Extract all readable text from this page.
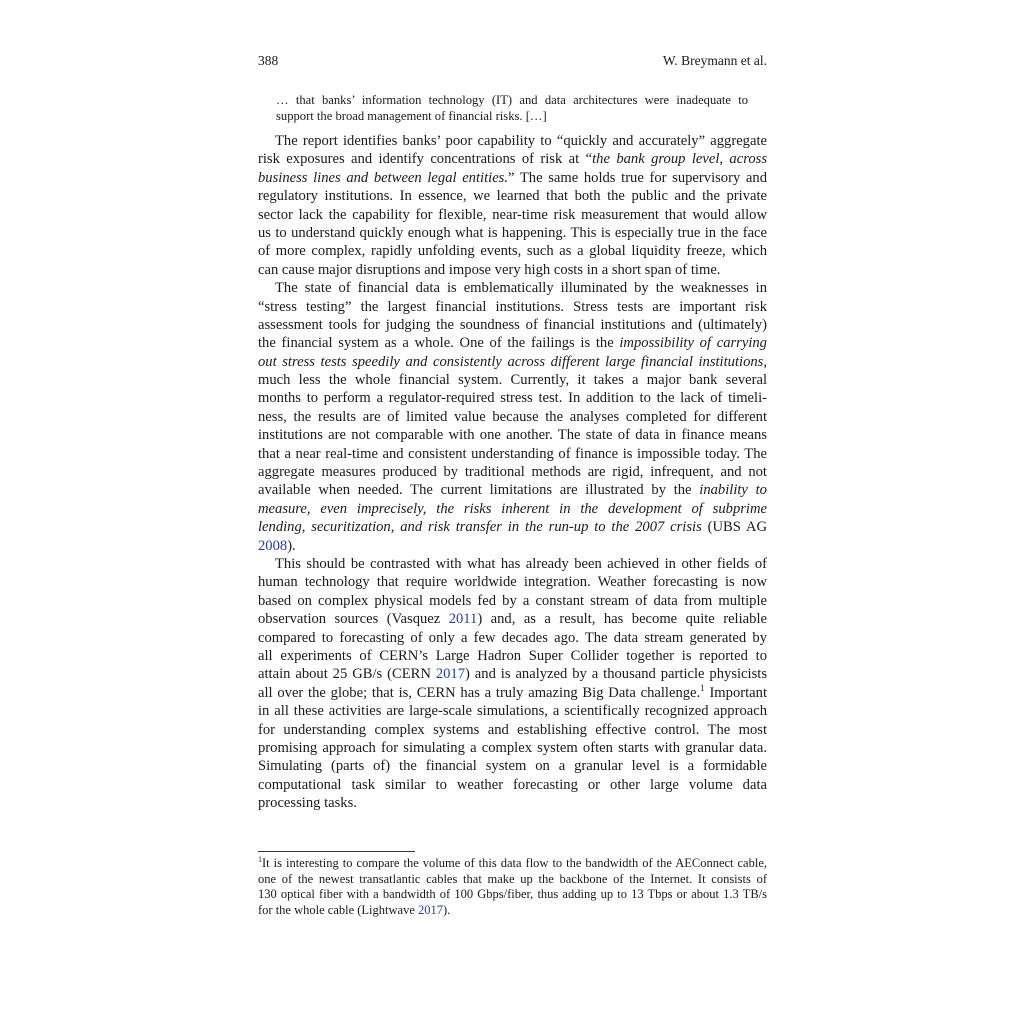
388	W. Breymann et al.
… that banks’ information technology (IT) and data architectures were inadequate to
support the broad management of financial risks. […]
The report identifies banks’ poor capability to “quickly and accurately” aggregate
risk exposures and identify concentrations of risk at “the bank group level, across
business lines and between legal entities.” The same holds true for supervisory and
regulatory institutions. In essence, we learned that both the public and the private
sector lack the capability for flexible, near-time risk measurement that would allow
us to understand quickly enough what is happening. This is especially true in the face
of more complex, rapidly unfolding events, such as a global liquidity freeze, which
can cause major disruptions and impose very high costs in a short span of time.
The state of financial data is emblematically illuminated by the weaknesses in
“stress testing” the largest financial institutions. Stress tests are important risk
assessment tools for judging the soundness of financial institutions and (ultimately)
the financial system as a whole. One of the failings is the impossibility of carrying
out stress tests speedily and consistently across different large financial institutions,
much less the whole financial system. Currently, it takes a major bank several
months to perform a regulator-required stress test. In addition to the lack of timeli-
ness, the results are of limited value because the analyses completed for different
institutions are not comparable with one another. The state of data in finance means
that a near real-time and consistent understanding of finance is impossible today. The
aggregate measures produced by traditional methods are rigid, infrequent, and not
available when needed. The current limitations are illustrated by the inability to
measure, even imprecisely, the risks inherent in the development of subprime
lending, securitization, and risk transfer in the run-up to the 2007 crisis (UBS AG
2008).
This should be contrasted with what has already been achieved in other fields of
human technology that require worldwide integration. Weather forecasting is now
based on complex physical models fed by a constant stream of data from multiple
observation sources (Vasquez 2011) and, as a result, has become quite reliable
compared to forecasting of only a few decades ago. The data stream generated by
all experiments of CERN’s Large Hadron Super Collider together is reported to
attain about 25 GB/s (CERN 2017) and is analyzed by a thousand particle physicists
all over the globe; that is, CERN has a truly amazing Big Data challenge.$^1$ Important
in all these activities are large-scale simulations, a scientifically recognized approach
for understanding complex systems and establishing effective control. The most
promising approach for simulating a complex system often starts with granular data.
Simulating (parts of) the financial system on a granular level is a formidable
computational task similar to weather forecasting or other large volume data
processing tasks.
$^1$It is interesting to compare the volume of this data flow to the bandwidth of the AEConnect cable,
one of the newest transatlantic cables that make up the backbone of the Internet. It consists of
130 optical fiber with a bandwidth of 100 Gbps/fiber, thus adding up to 13 Tbps or about 1.3 TB/s
for the whole cable (Lightwave 2017).
